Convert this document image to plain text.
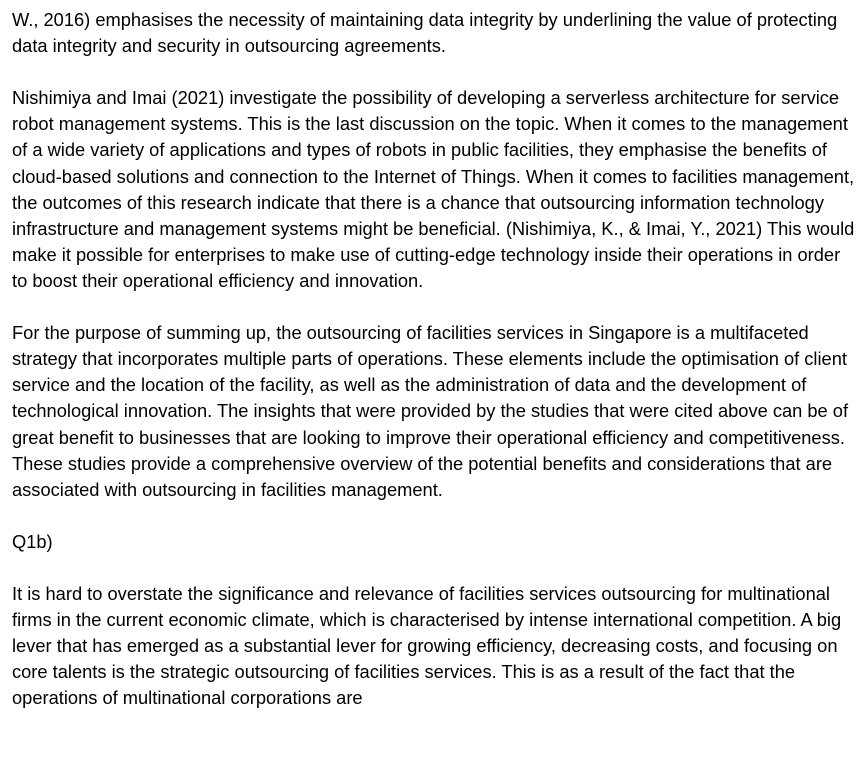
W., 2016) emphasises the necessity of maintaining data integrity by underlining the value of protecting data integrity and security in outsourcing agreements.

Nishimiya and Imai (2021) investigate the possibility of developing a serverless architecture for service robot management systems. This is the last discussion on the topic. When it comes to the management of a wide variety of applications and types of robots in public facilities, they emphasise the benefits of cloud-based solutions and connection to the Internet of Things. When it comes to facilities management, the outcomes of this research indicate that there is a chance that outsourcing information technology infrastructure and management systems might be beneficial. (Nishimiya, K., & Imai, Y., 2021) This would make it possible for enterprises to make use of cutting-edge technology inside their operations in order to boost their operational efficiency and innovation.

For the purpose of summing up, the outsourcing of facilities services in Singapore is a multifaceted strategy that incorporates multiple parts of operations. These elements include the optimisation of client service and the location of the facility, as well as the administration of data and the development of technological innovation. The insights that were provided by the studies that were cited above can be of great benefit to businesses that are looking to improve their operational efficiency and competitiveness. These studies provide a comprehensive overview of the potential benefits and considerations that are associated with outsourcing in facilities management.

Q1b)

It is hard to overstate the significance and relevance of facilities services outsourcing for multinational firms in the current economic climate, which is characterised by intense international competition. A big lever that has emerged as a substantial lever for growing efficiency, decreasing costs, and focusing on core talents is the strategic outsourcing of facilities services. This is as a result of the fact that the operations of multinational corporations are
